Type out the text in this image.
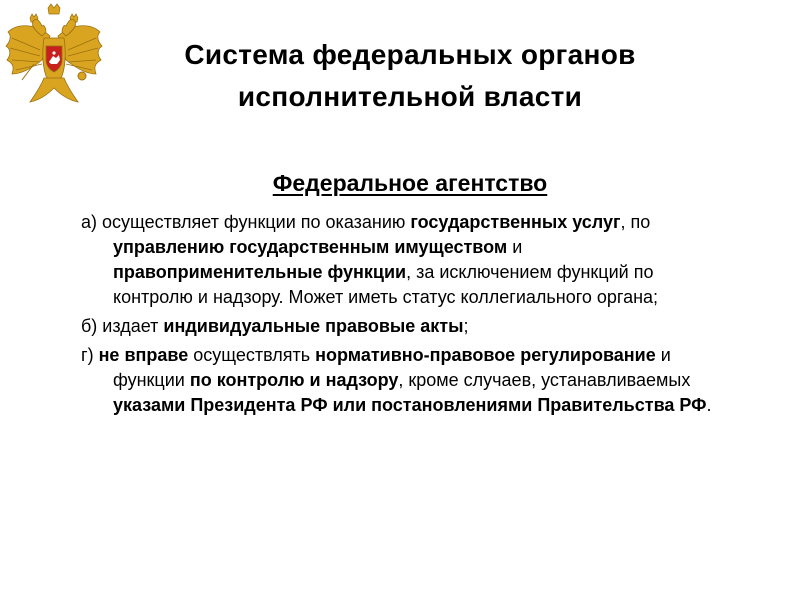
Система федеральных органов
исполнительной власти
Федеральное агентство

а) осуществляет функции по оказанию государственных услуг, по управлению государственным имуществом и правоприменительные функции, за исключением функций по контролю и надзору. Может иметь статус коллегиального органа;

б) издает индивидуальные правовые акты;

г) не вправе осуществлять нормативно-правовое регулирование и функции по контролю и надзору, кроме случаев, устанавливаемых указами Президента РФ или постановлениями Правительства РФ.
